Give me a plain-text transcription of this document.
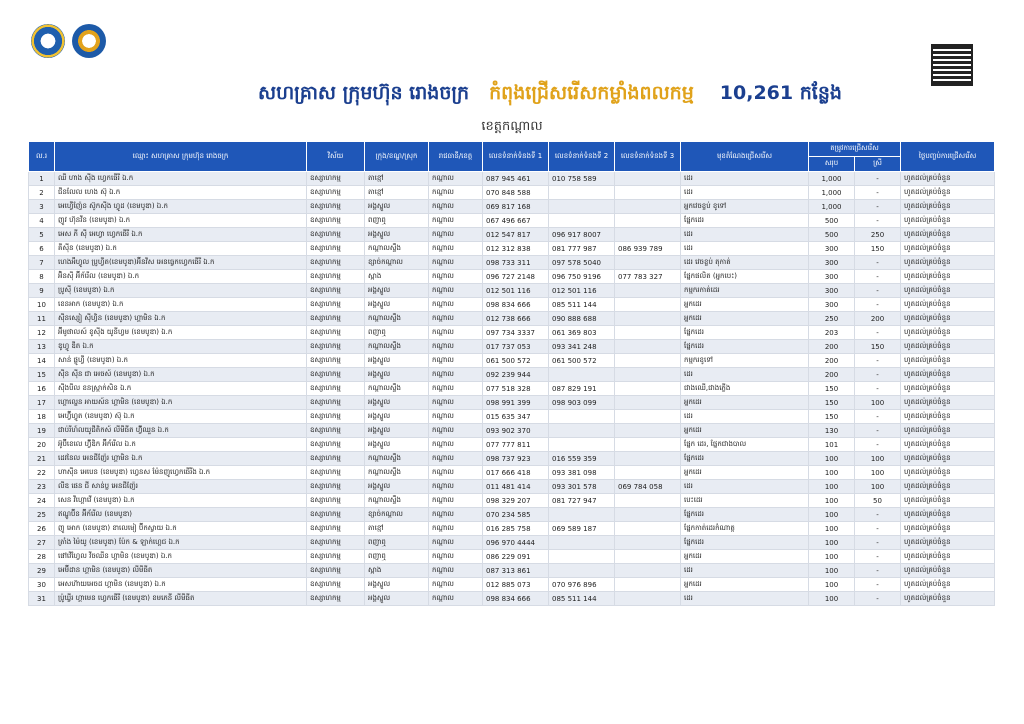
សហគ្រាស ក្រុមហ៊ុន រោងចក្រ កំពុងជ្រើសរើសកម្លាំងពលកម្ម 10,261 កន្លែង
ខេត្តកណ្តាល
ល.រ	ឈ្មោះ សហគ្រាស ក្រុមហ៊ុន រោងចក្រ	វិស័យ	ក្រុង/ខណ្ឌ/ស្រុក	រាជធានី/ខេត្ត	លេខទំនាក់ទំនងទី 1	លេខទំនាក់ទំនងទី 2	លេខទំនាក់ទំនងទី 3	មុខតំណែងជ្រើសរើស	តម្រូវការជ្រើសរើស		ថ្ងៃបញ្ចប់ការជ្រើសរើស
									សរុប	ស្រី	
1	ឈី ហាង ស៊ីង ហ្វេកធើរី ឯ.ក	ឧស្សាហកម្ម	តាខ្មៅ	កណ្តាល	087 945 461	010 758 589		ដេរ	1,000	-	ហូតដល់គ្រប់ចំនួន
2	ជីនលែល ហេង ស៊ុ ឯ.ក	ឧស្សាហកម្ម	តាខ្មៅ	កណ្តាល	070 848 588			ដេរ	1,000	-	ហូតដល់គ្រប់ចំនួន
3	អេហ្វើញ៉ែន ស៊ូកស៊ីង ហ្វូដ (ខេមបូឌា) ឯ.ក	ឧស្សាហកម្ម	អង្គស្នួល	កណ្តាល	069 817 168			អ្នកវេចខ្ចប់ ខូទៅ	1,000	-	ហូតដល់គ្រប់ចំនួន
4	ញូវ ហ៊ុនវីន (ខេមបូឌា) ឯ.ក	ឧស្សាហកម្ម	ពញាឮ	កណ្តាល	067 496 667			ផ្នែកដេរ	500	-	ហូតដល់គ្រប់ចំនួន
5	អេស ភី ស៊ី អេហ្វា ហ្វេកធើរី ឯ.ក	ឧស្សាហកម្ម	អង្គស្នួល	កណ្តាល	012 547 817	096 917 8007		ដេរ	500	250	ហូតដល់គ្រប់ចំនួន
6	គីស៊ីន (ខេមបូឌា) ឯ.ក	ឧស្សាហកម្ម	កណ្តាលស្ទឹង	កណ្តាល	012 312 838	081 777 987	086 939 789	ដេរ	300	150	ហូតដល់គ្រប់ចំនួន
7	ហេងអឹហ្វូល ប្រូហ្វីត(ខេមបូឌា)អ៊ីនវីស អេនធ្វេកហ្វេកធើរី ឯ.ក	ឧស្សាហកម្ម	ខ្សាច់កណ្តាល	កណ្តាល	098 733 311	097 578 5040		ដេរ វេចខ្ចប់ តុកាត់	300	-	ហូតដល់គ្រប់ចំនួន
8	អ៊ិនស៊ី អ៊ីក័រើល (ខេមបូឌា) ឯ.ក	ឧស្សាហកម្ម	ស្អាង	កណ្តាល	096 727 2148	096 750 9196	077 783 327	ផ្នែកផលិត (អ្នកបេះ)	300	-	ហូតដល់គ្រប់ចំនួន
9	ប្រូស៊ី (ខេមបូឌា) ឯ.ក	ឧស្សាហកម្ម	អង្គស្នួល	កណ្តាល	012 501 116	012 501 116		កម្មករកាត់ដេរ	300	-	ហូតដល់គ្រប់ចំនួន
10	ខេនអាក (ខេមបូឌា) ឯ.ក	ឧស្សាហកម្ម	អង្គស្នួល	កណ្តាល	098 834 666	085 511 144		អ្នកដេរ	300	-	ហូតដល់គ្រប់ចំនួន
11	ស៊ីនស្សៀ ស៊ីហ្វិន (ខេមបូឌា) ហ្គាមិន ឯ.ក	ឧស្សាហកម្ម	កណ្តាលស្ទឹង	កណ្តាល	012 738 666	090 888 688		អ្នកដេរ	250	200	ហូតដល់គ្រប់ចំនួន
12	អ៊ីមូផាលស៍ ខូស៊ីង យូនីហ្វម (ខេមបូឌា) ឯ.ក	ឧស្សាហកម្ម	ពញាឮ	កណ្តាល	097 734 3337	061 369 803		ផ្នែកដេរ	203	-	ហូតដល់គ្រប់ចំនួន
13	ឌូហ្វូ ឌីត ឯ.ក	ឧស្សាហកម្ម	កណ្តាលស្ទឹង	កណ្តាល	017 737 053	093 341 248		ផ្នែកដេរ	200	150	ហូតដល់គ្រប់ចំនួន
14	សាន់ ផ្លូហ្វី (ខេមបូឌា) ឯ.ក	ឧស្សាហកម្ម	អង្គស្នួល	កណ្តាល	061 500 572	061 500 572		កម្មករខូទៅ	200	-	ហូតដល់គ្រប់ចំនួន
15	ស៊ីន ស៊ីន ជា អេចស៍ (ខេមបូឌា) ឯ.ក	ឧស្សាហកម្ម	អង្គស្នួល	កណ្តាល	092 239 944			ដេរ	200	-	ហូតដល់គ្រប់ចំនួន
16	ស៊ីងបីល ខនស្ត្រាក់សិន ឯ.ក	ឧស្សាហកម្ម	កណ្តាលស្ទឹង	កណ្តាល	077 518 328	087 829 191		ជាងឈើ,ជាងភ្លើង	150	-	ហូតដល់គ្រប់ចំនួន
17	ហ្គោល្ឌេន អាយស៍ន ហ្គាមិន (ខេមបូឌា) ឯ.ក	ឧស្សាហកម្ម	អង្គស្នួល	កណ្តាល	098 991 399	098 903 099		អ្នកដេរ	150	100	ហូតដល់គ្រប់ចំនួន
18	អេហ្វ៊ីហ្វូត (ខេមបូឌា) ស៊ុ ឯ.ក	ឧស្សាហកម្ម	អង្គស្នួល	កណ្តាល	015 635 347			ដេរ	150	-	ហូតដល់គ្រប់ចំនួន
19	ជាប់រីហ៍លយូជីតិកស៍ លីមីធីត ហ៊្វីឈួន ឯ.ក	ឧស្សាហកម្ម	អង្គស្នួល	កណ្តាល	093 902 370			អ្នកដេរ	130	-	ហូតដល់គ្រប់ចំនួន
20	អ៊ូប៊ីខេលេ ហ៊្វីឌិក អ៊ីក័រើល ឯ.ក	ឧស្សាហកម្ម	អង្គស្នួល	កណ្តាល	077 777 811			ផ្នែក ដេរ, ផ្នែកជាងបាល	101	-	ហូតដល់គ្រប់ចំនួន
21	ដេវនៃល អេនជីញ៉ែរ ហ្គាមិន ឯ.ក	ឧស្សាហកម្ម	កណ្តាលស្ទឹង	កណ្តាល	098 737 923	016 559 359		ផ្នែកដេរ	100	100	ហូតដល់គ្រប់ចំនួន
22	ហាស៊ីន អេបេន (ខេមបូឌា) ហ្វេនស ម៉ែនញូហ្វេកធើរីង ឯ.ក	ឧស្សាហកម្ម	កណ្តាលស្ទឹង	កណ្តាល	017 666 418	093 381 098		អ្នកដេរ	100	100	ហូតដល់គ្រប់ចំនួន
23	លីឌ ផេន ជី សាន់ប្ល អេនជីញ៉ែរ	ឧស្សាហកម្ម	អង្គស្នួល	កណ្តាល	011 481 414	093 301 578	069 784 058	ដេរ	100	100	ហូតដល់គ្រប់ចំនួន
24	សេន វីហ្គោវើ (ខេមបូឌា) ឯ.ក	ឧស្សាហកម្ម	កណ្តាលស្ទឹង	កណ្តាល	098 329 207	081 727 947		បេះដេរ	100	50	ហូតដល់គ្រប់ចំនួន
25	ឥណ្ឌូប៊ីន អ៊ីក័រើល (ខេមបូឌា)	ឧស្សាហកម្ម	ខ្សាច់កណ្តាល	កណ្តាល	070 234 585			ផ្នែកដេរ	100	-	ហូតដល់គ្រប់ចំនួន
26	ញូ អោក (ខេមបូឌា) ខាលេមៀ ប៊ីកស្វាយ ឯ.ក	ឧស្សាហកម្ម	តាខ្មៅ	កណ្តាល	016 285 758	069 589 187		ផ្នែកកាត់ដេរកំណាត្ត	100	-	ហូតដល់គ្រប់ចំនួន
27	ត្រាំង ម៉ៃយូ (ខេមបូឌា) ប៉ែក & ឡាក់ហ្គេជ ឯ.ក	ឧស្សាហកម្ម	ពញាឮ	កណ្តាល	096 970 4444			ផ្នែកដេរ	100	-	ហូតដល់គ្រប់ចំនួន
28	ផៅវើហ្វែល វីចឈីន ហ្គាមិន (ខេមបូឌា) ឯ.ក	ឧស្សាហកម្ម	ពញាឮ	កណ្តាល	086 229 091			អ្នកដេរ	100	-	ហូតដល់គ្រប់ចំនួន
29	អេម៊ីដាន ហ្គាមិន (ខេមបូឌា) លីមីធីត	ឧស្សាហកម្ម	ស្អាង	កណ្តាល	087 313 861			ដេរ	100	-	ហូតដល់គ្រប់ចំនួន
30	អេសហ៊ាយអេចដ ហ្គាមិន (ខេមបូឌា) ឯ.ក	ឧស្សាហកម្ម	អង្គស្នួល	កណ្តាល	012 885 073	070 976 896		អ្នកដេរ	100	-	ហូតដល់គ្រប់ចំនួន
31	ប្រ៉ូឃ្វីរ ហ្គាមេន ហ្វេកធើរី (ខេមបូឌា) ខមភេនី លីមីធីត	ឧស្សាហកម្ម	អង្គស្នួល	កណ្តាល	098 834 666	085 511 144		ដេរ	100	-	ហូតដល់គ្រប់ចំនួន
